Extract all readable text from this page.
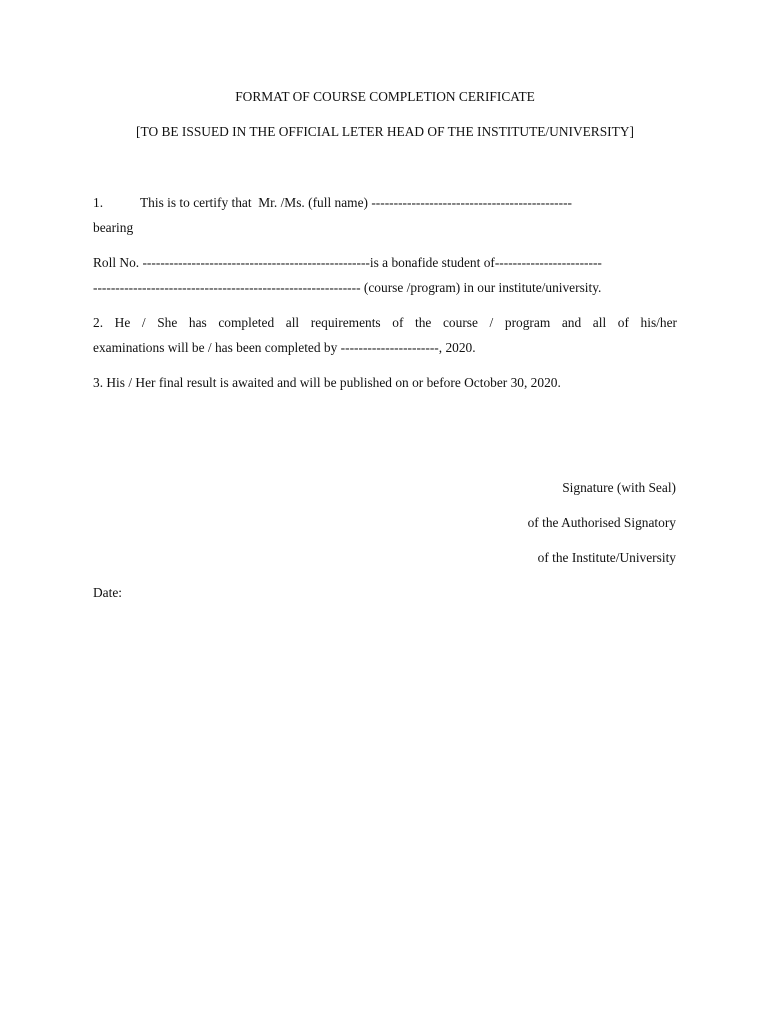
FORMAT OF COURSE COMPLETION CERIFICATE
[TO BE ISSUED IN THE OFFICIAL LETER HEAD OF THE INSTITUTE/UNIVERSITY]
1.	This is to certify that  Mr. /Ms. (full name) ---------------------------------------------
bearing
Roll No. ---------------------------------------------------is a bonafide student of------------------------
------------------------------------------------------------ (course /program) in our institute/university.
2. He / She has completed all requirements of the course / program and all of his/her
examinations will be / has been completed by ----------------------, 2020.
3. His / Her final result is awaited and will be published on or before October 30, 2020.
Signature (with Seal)
of the Authorised Signatory
of the Institute/University
Date:
